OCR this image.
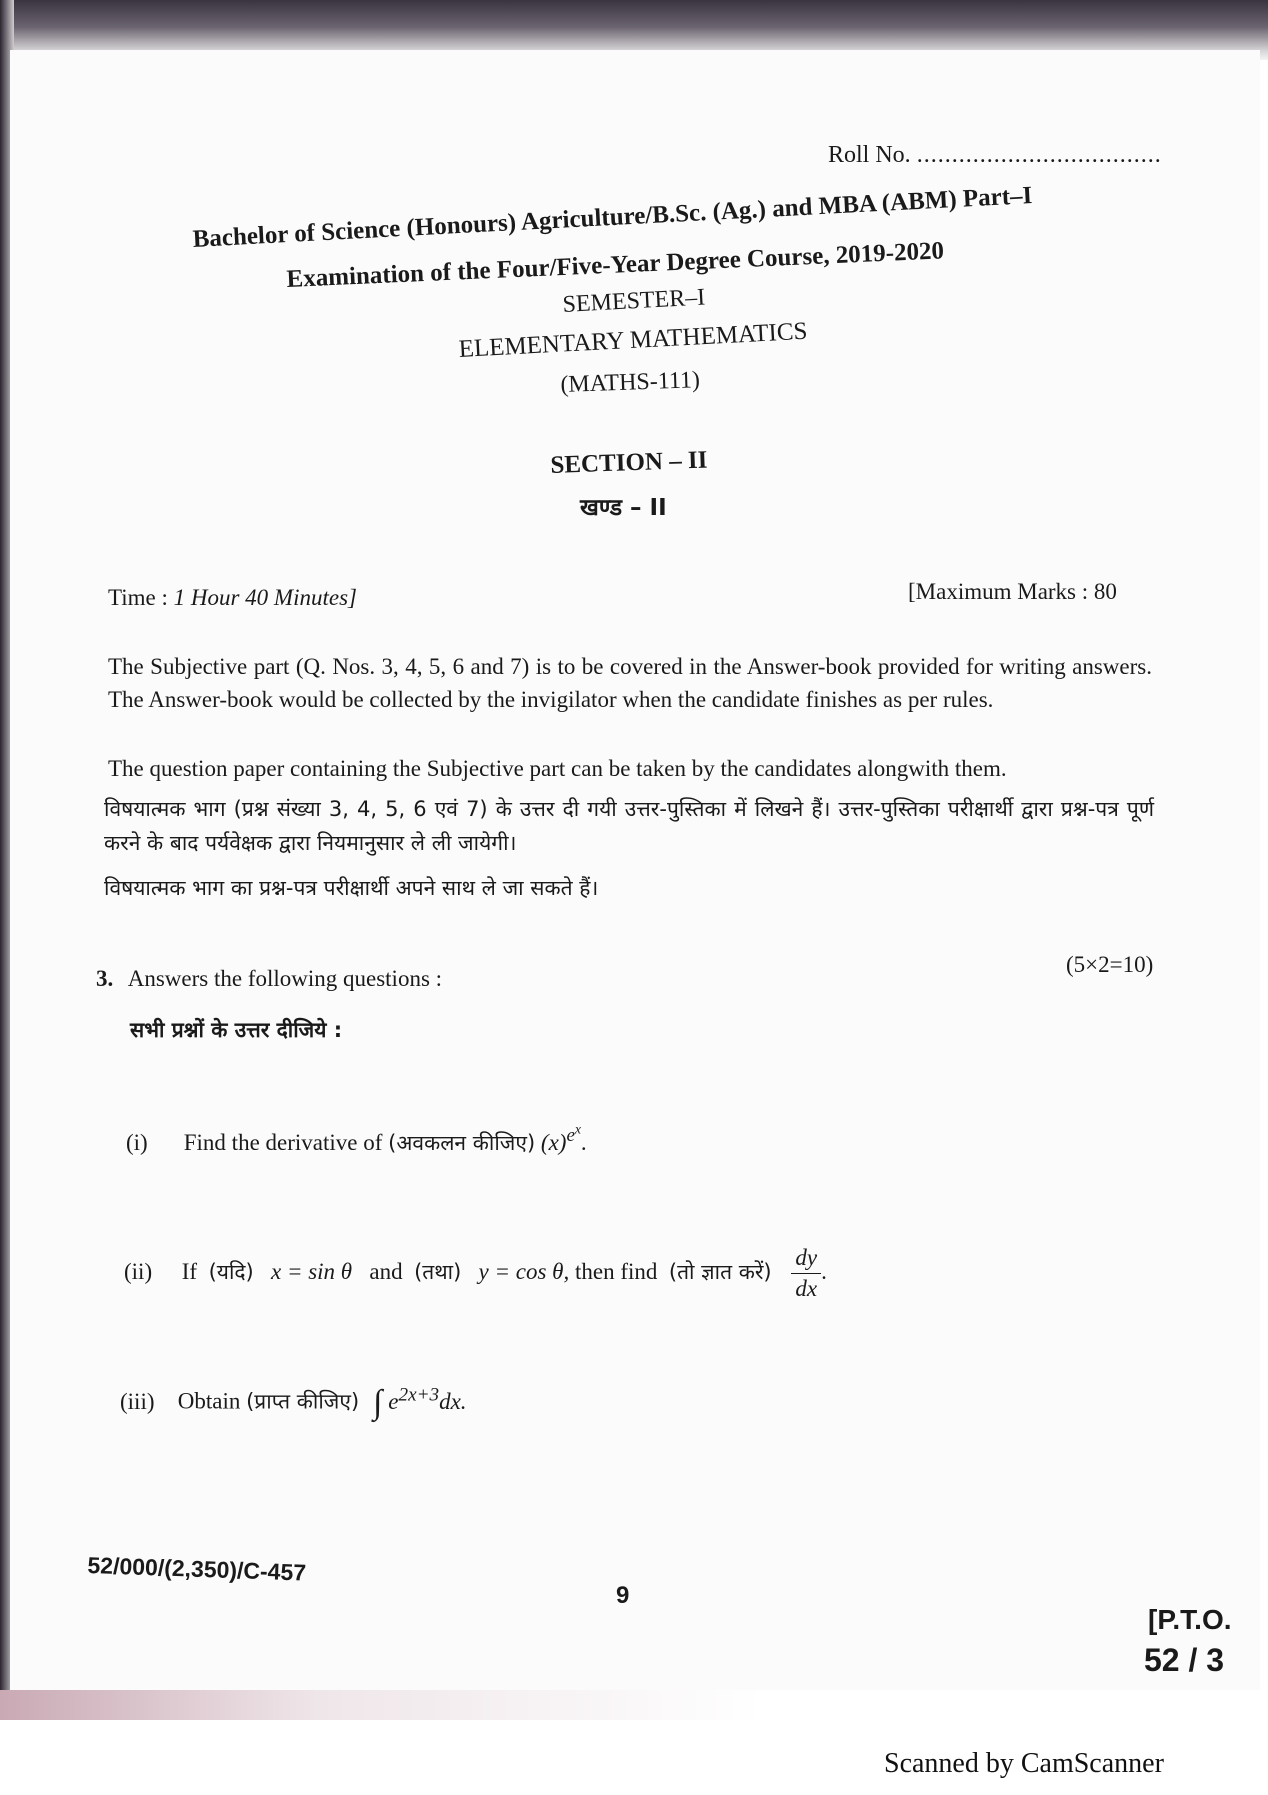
Roll No. ...................................
Bachelor of Science (Honours) Agriculture/B.Sc. (Ag.) and MBA (ABM) Part–I
Examination of the Four/Five-Year Degree Course, 2019-2020
SEMESTER–I
ELEMENTARY MATHEMATICS
(MATHS-111)
SECTION – II
खण्ड – II
Time : 1 Hour 40 Minutes]	[Maximum Marks : 80
The Subjective part (Q. Nos. 3, 4, 5, 6 and 7) is to be covered in the Answer-book provided for writing answers. The Answer-book would be collected by the invigilator when the candidate finishes as per rules.
The question paper containing the Subjective part can be taken by the candidates alongwith them.
विषयात्मक भाग (प्रश्न संख्या 3, 4, 5, 6 एवं 7) के उत्तर दी गयी उत्तर-पुस्तिका में लिखने हैं। उत्तर-पुस्तिका परीक्षार्थी द्वारा प्रश्न-पत्र पूर्ण करने के बाद पर्यवेक्षक द्वारा नियमानुसार ले ली जायेगी।
विषयात्मक भाग का प्रश्न-पत्र परीक्षार्थी अपने साथ ले जा सकते हैं।
3. Answers the following questions :
(5×2=10)
सभी प्रश्नों के उत्तर दीजिये :
(i) Find the derivative of (अवकलन कीजिए) $(x)^{e^x}$.
(ii) If (यदि) x = sin θ and (तथा) y = cos θ, then find (तो ज्ञात करें) $\frac{dy}{dx}$ .
(iii) Obtain (प्राप्त कीजिए) ∫ $e^{2x+3}dx$.
52/000/(2,350)/C-457
9
[P.T.O.
52 / 3
Scanned by CamScanner
